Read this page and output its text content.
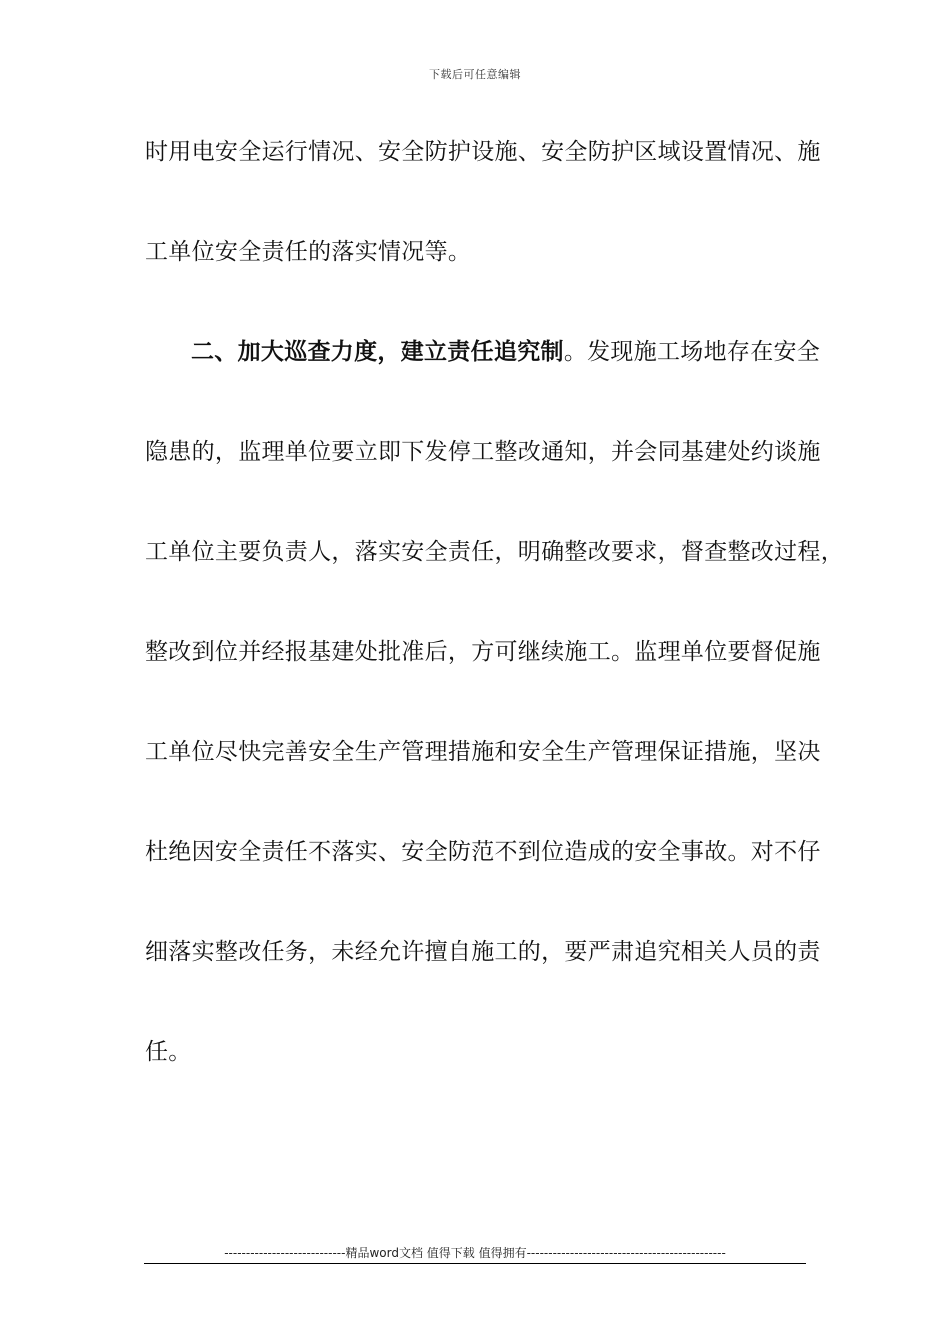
下载后可任意编辑
时用电安全运行情况、安全防护设施、安全防护区域设置情况、施
工单位安全责任的落实情况等。
二、加大巡查力度，建立责任追究制。发现施工场地存在安全
隐患的，监理单位要立即下发停工整改通知，并会同基建处约谈施
工单位主要负责人，落实安全责任，明确整改要求，督查整改过程，
整改到位并经报基建处批准后，方可继续施工。监理单位要督促施
工单位尽快完善安全生产管理措施和安全生产管理保证措施，坚决
杜绝因安全责任不落实、安全防范不到位造成的安全事故。对不仔
细落实整改任务，未经允许擅自施工的，要严肃追究相关人员的责
任。
----------------------------精品word文档 值得下载 值得拥有----------------------------------------------
